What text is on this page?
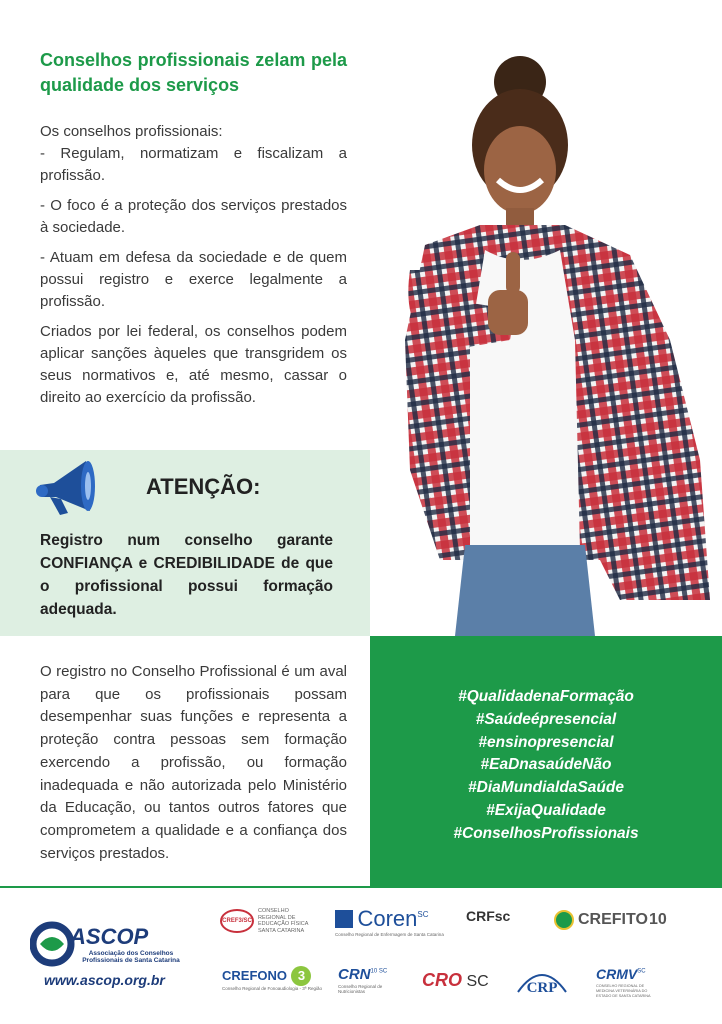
Conselhos profissionais zelam pela qualidade dos serviços

Os conselhos profissionais:
- Regulam, normatizam e fiscalizam a profissão.

- O foco é a proteção dos serviços prestados à sociedade.

- Atuam em defesa da sociedade e de quem possui registro e exerce legalmente a profissão.

Criados por lei federal, os conselhos podem aplicar sanções àqueles que transgridem os seus normativos e, até mesmo, cassar o direito ao exercício da profissão.

ATENÇÃO:

Registro num conselho garante CONFIANÇA e CREDIBILIDADE de que o profissional possui formação adequada.

O registro no Conselho Profissional é um aval para que os profissionais possam desempenhar suas funções e representa a proteção contra pessoas sem formação exercendo a profissão, ou formação inadequada e não autorizada pelo Ministério da Educação, ou tantos outros fatores que comprometem a qualidade e a confiança dos serviços prestados.

#QualidadenaFormação
#Saúdeépresencial
#ensinopresencial
#EaDnasaúdeNão
#DiaMundialdaSaúde
#ExijaQualidade
#ConselhosProfissionais
ASCOP
Associação dos Conselhos Profissionais de Santa Catarina
www.ascop.org.br
CREF3/SC
CONSELHO REGIONAL DE EDUCAÇÃO FÍSICA SANTA CATARINA	Coren$^{SC}$
Conselho Regional de Enfermagem de Santa Catarina
CRFsc	CREFITO 10
CREFONO 3
Conselho Regional de Fonoaudiologia - 3ª Região
$CRN^{10 SC}$
Conselho Regional de Nutricionistas
CRO SC	CRP
$CRMV^{SC}$
CONSELHO REGIONAL DE MEDICINA VETERINÁRIA DO ESTADO DE SANTA CATARINA
